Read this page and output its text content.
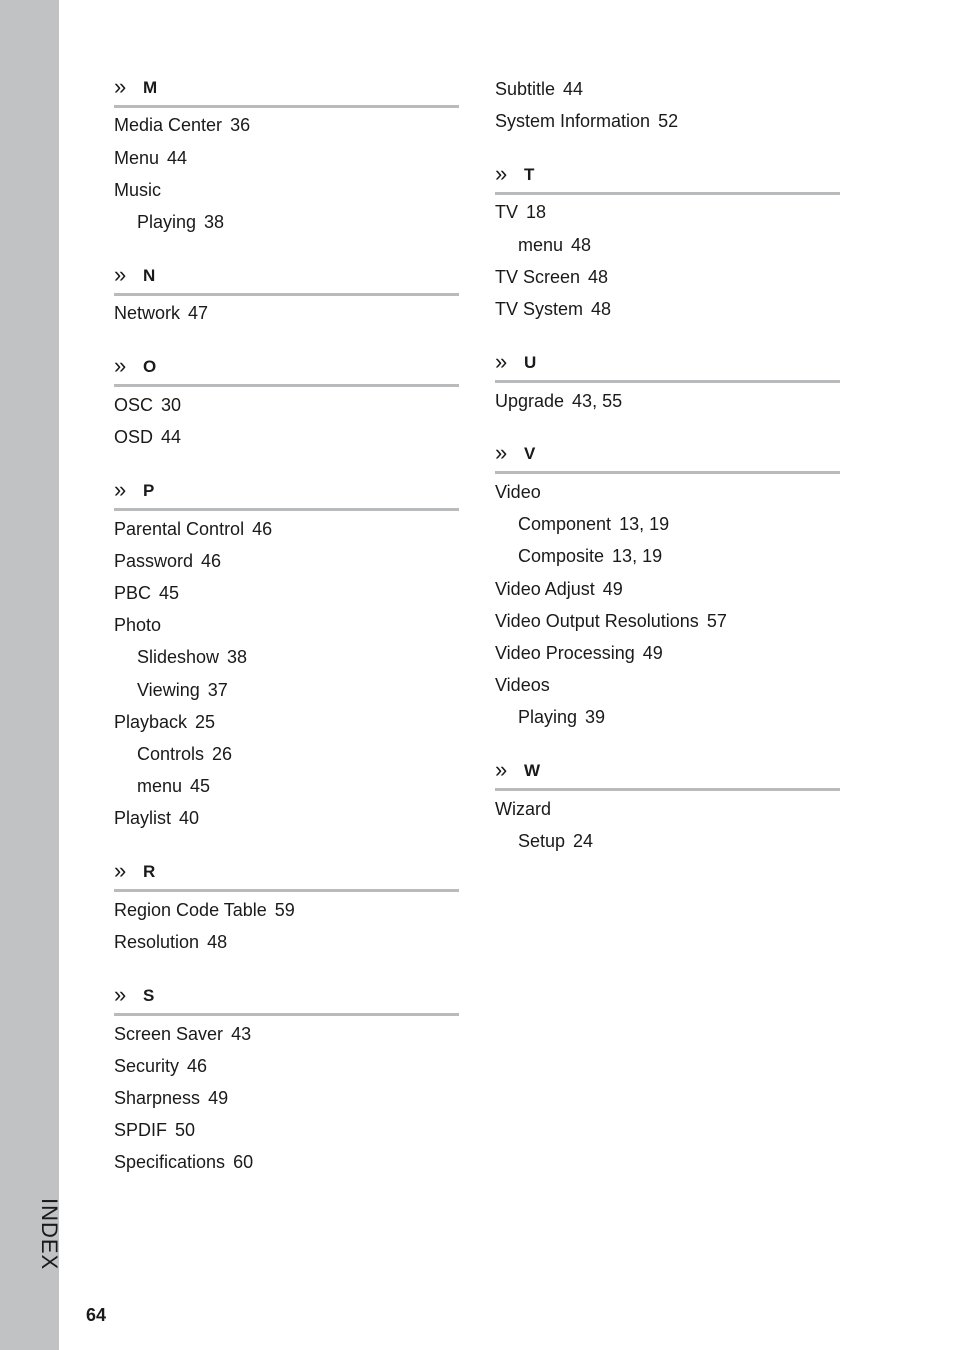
INDEX
64
» M
Media Center 36
Menu 44
Music
Playing 38
» N
Network 47
» O
OSC 30
OSD 44
» P
Parental Control 46
Password 46
PBC 45
Photo
Slideshow 38
Viewing 37
Playback 25
Controls 26
menu 45
Playlist 40
» R
Region Code Table 59
Resolution 48
» S
Screen Saver 43
Security 46
Sharpness 49
SPDIF 50
Specifications 60
Subtitle 44
System Information 52
» T
TV 18
menu 48
TV Screen 48
TV System 48
» U
Upgrade 43, 55
» V
Video
Component 13, 19
Composite 13, 19
Video Adjust 49
Video Output Resolutions 57
Video Processing 49
Videos
Playing 39
» W
Wizard
Setup 24
